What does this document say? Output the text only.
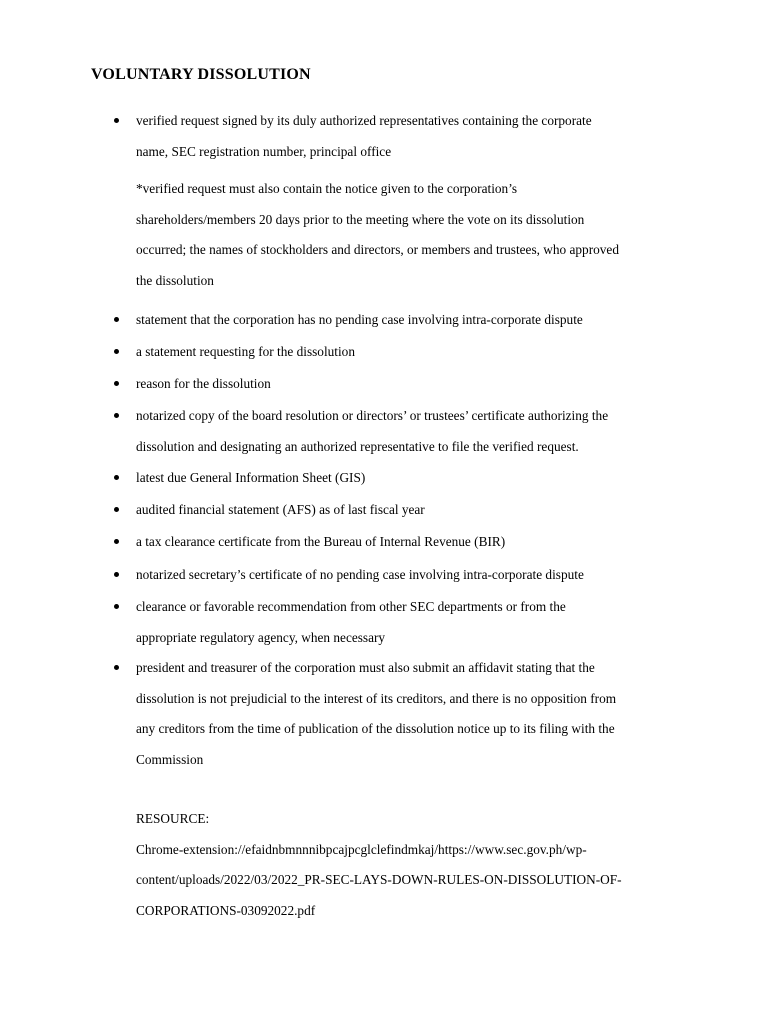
VOLUNTARY DISSOLUTION
verified request signed by its duly authorized representatives containing the corporate
name, SEC registration number, principal office
*verified request must also contain the notice given to the corporation’s
shareholders/members 20 days prior to the meeting where the vote on its dissolution
occurred; the names of stockholders and directors, or members and trustees, who approved
the dissolution
statement that the corporation has no pending case involving intra-corporate dispute
a statement requesting for the dissolution
reason for the dissolution
notarized copy of the board resolution or directors’ or trustees’ certificate authorizing the
dissolution and designating an authorized representative to file the verified request.
latest due General Information Sheet (GIS)
audited financial statement (AFS) as of last fiscal year
a tax clearance certificate from the Bureau of Internal Revenue (BIR)
notarized secretary’s certificate of no pending case involving intra-corporate dispute
clearance or favorable recommendation from other SEC departments or from the
appropriate regulatory agency, when necessary
president and treasurer of the corporation must also submit an affidavit stating that the
dissolution is not prejudicial to the interest of its creditors, and there is no opposition from
any creditors from the time of publication of the dissolution notice up to its filing with the
Commission
RESOURCE:
Chrome-extension://efaidnbmnnnibpcajpcglclefindmkaj/https://www.sec.gov.ph/wp-
content/uploads/2022/03/2022_PR-SEC-LAYS-DOWN-RULES-ON-DISSOLUTION-OF-
CORPORATIONS-03092022.pdf
